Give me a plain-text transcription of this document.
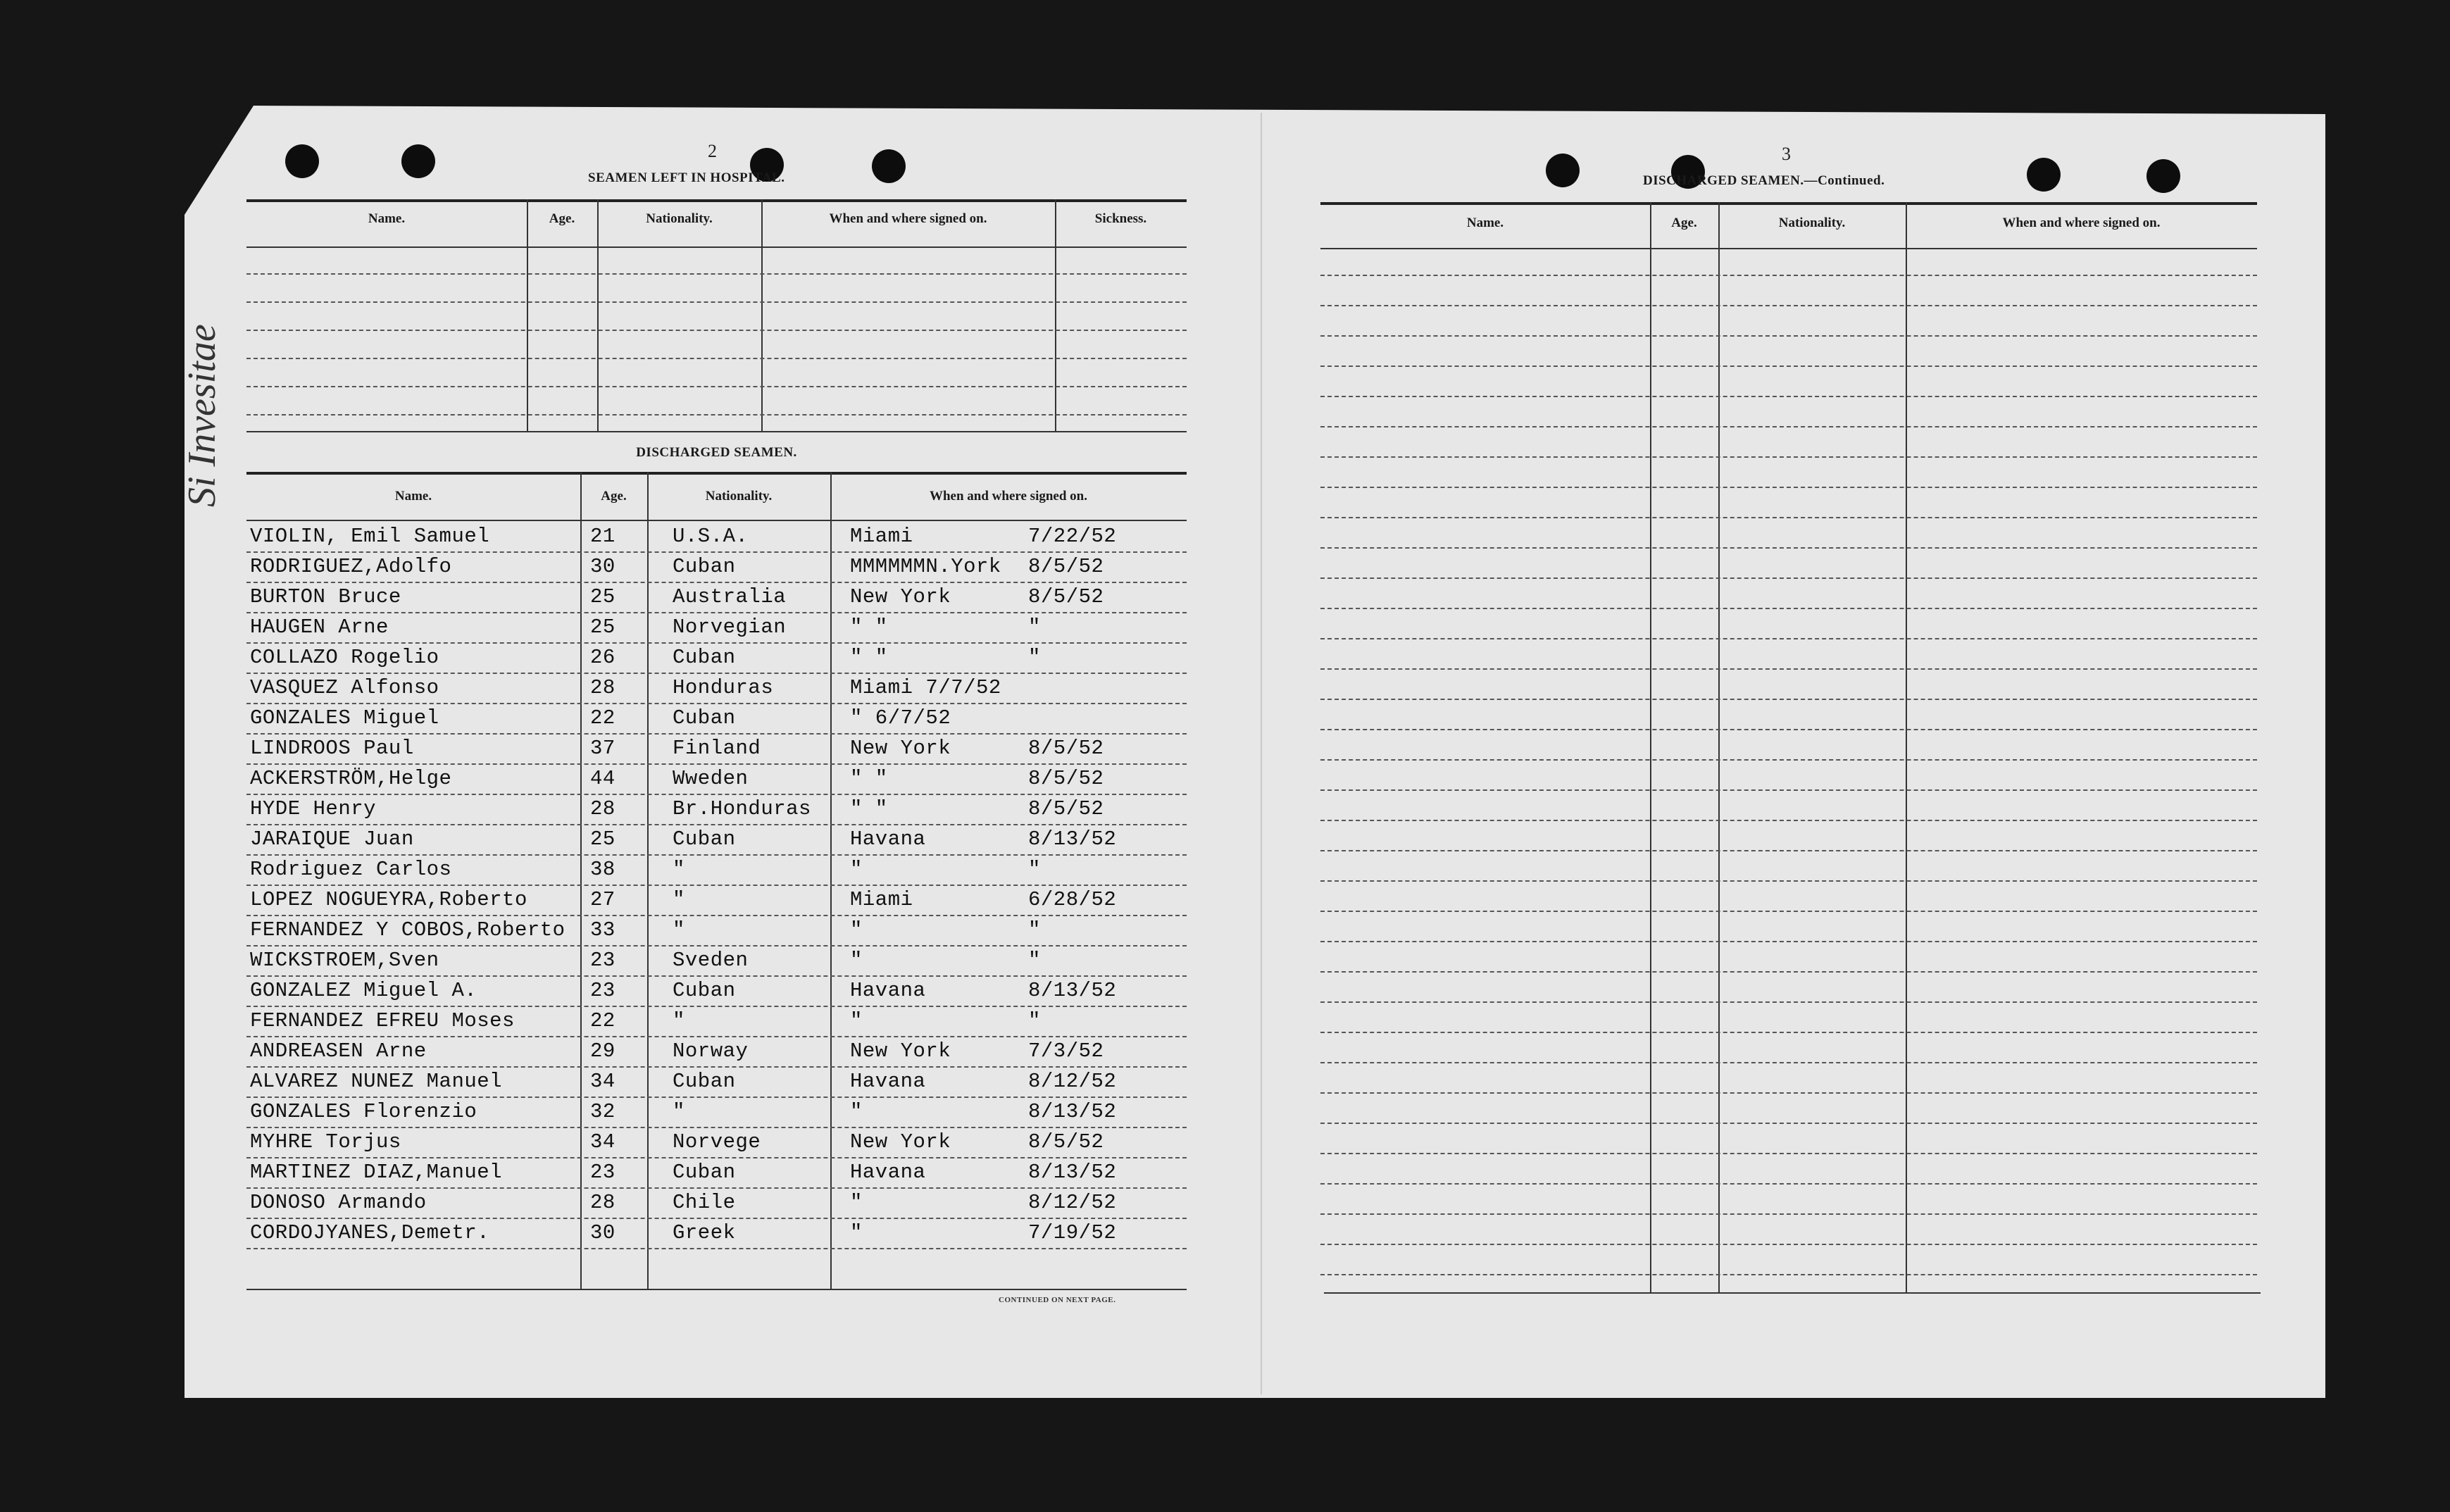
Si Invesitae
2
SEAMEN LEFT IN HOSPITAL.
Name.	Age.	Nationality.	When and where signed on.	Sickness.
DISCHARGED SEAMEN.
Name.	Age.	Nationality.	When and where signed on.
VIOLIN, Emil Samuel	21	U.S.A.	Miami	7/22/52
RODRIGUEZ,Adolfo	30	Cuban	MMMMMMN.York 8/5/52
BURTON Bruce	25	Australia	New York	8/5/52
HAUGEN Arne	25	Norvegian	" "	"
COLLAZO Rogelio	26	Cuban	" "	"
VASQUEZ Alfonso	28	Honduras	Miami 7/7/52
GONZALES Miguel	22	Cuban	" 6/7/52
LINDROOS Paul	37	Finland	New York	8/5/52
ACKERSTRÖM,Helge	44	Wweden	" "	8/5/52
HYDE Henry	28	Br.Honduras " "	8/5/52
JARAIQUE Juan	25	Cuban	Havana	8/13/52
Rodriguez Carlos	38	"	"	"
LOPEZ NOGUEYRA,Roberto	27	"	Miami	6/28/52
FERNANDEZ Y COBOS,Roberto 33	"	"	"
WICKSTROEM,Sven	23	Sveden	"	"
GONZALEZ Miguel A.	23	Cuban	Havana	8/13/52
FERNANDEZ EFREU Moses	22	"	"	"
ANDREASEN Arne	29	Norway	New York	7/3/52
ALVAREZ NUNEZ Manuel	34	Cuban	Havana	8/12/52
GONZALES Florenzio	32	"	"	8/13/52
MYHRE Torjus	34	Norvege	New York	8/5/52
MARTINEZ DIAZ,Manuel	23	Cuban	Havana	8/13/52
DONOSO Armando	28	Chile	"	8/12/52
CORDOJYANES,Demetr.	30	Greek	"	7/19/52
CONTINUED ON NEXT PAGE.
3
DISCHARGED SEAMEN.—Continued.
Name.	Age.	Nationality.	When and where signed on.
